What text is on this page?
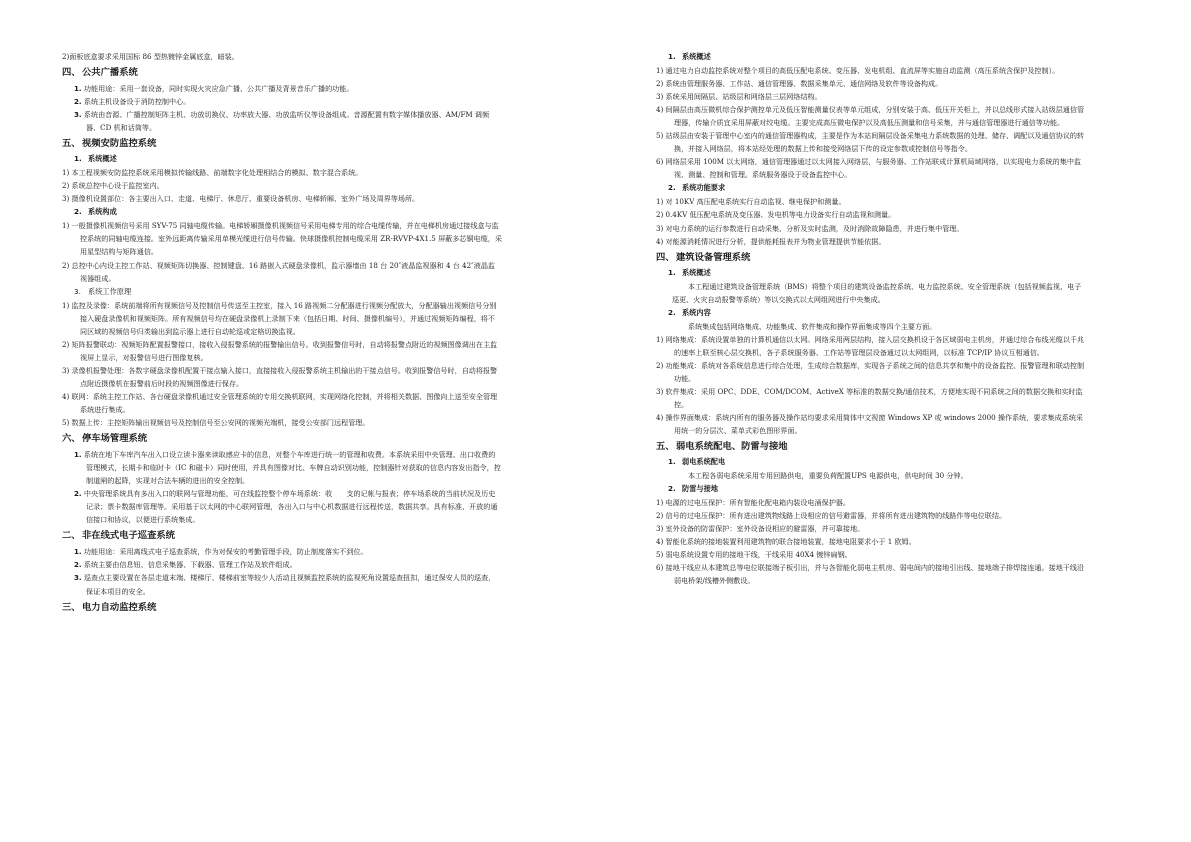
2)面板底盒要求采用国标 86 型热镀锌金属底盒，暗装。

四、公共广播系统

1. 功能用途：采用一套设备，同时实现火灾应急广播、公共广播及背景音乐广播的功能。

2. 系统主机设备设于消防控制中心。

3. 系统由音源、广播控制矩阵主机、功放切换仪、功率放大器、功放监听仪等设备组成。音源配置有数字媒体播放器、AM/FM 调频器、CD 机和话筒等。

五、视频安防监控系统
1. 系统概述

1) 本工程视频安防监控系统采用模拟传输线路、前端数字化处理相结合的模拟、数字混合系统。

2) 系统总控中心设于监控室内。

3) 摄像机设置部位：各主要出入口、走道、电梯厅、休息厅、重要设备机房、电梯轿厢、室外广场及周界等场所。

2. 系统构成

1) 一般摄像机视频信号采用 SYV-75 同轴电缆传输。电梯轿厢摄像机视频信号采用电梯专用的综合电缆传输，并在电梯机房通过接线盒与监控系统的同轴电缆连接。室外远距离传输采用单模光缆进行信号传输。快球摄像机控制电缆采用 ZR-RVVP-4X1.5 屏蔽多芯铜电缆，采用星型结构与矩阵通信。

2) 总控中心内设主控工作站、视频矩阵切换器、控制键盘、16 路嵌入式硬盘录像机，监示器墙由 18 台 20″液晶监视器和 4 台 42″液晶监视器组成。

3. 系统工作原理

1) 监控及录像：系统前端将所有视频信号及控制信号传送至主控室，接入 16 路视频二分配器进行视频分配放大，分配器输出视频信号分别接入硬盘录像机和视频矩阵。所有视频信号均在硬盘录像机上录制下来（包括日期、时间、摄像机编号），并通过视频矩阵编程，将不同区域的视频信号归类输出到监示器上进行自动轮巡或定格切换监视。

2) 矩阵报警联动：视频矩阵配置报警接口，接收入侵报警系统的报警输出信号。收到报警信号时，自动将报警点附近的视频图像调出在主监视屏上显示，对报警信号进行图像复核。

3) 录像机报警处理：各数字硬盘录像机配置干接点输入接口，直接接收入侵报警系统主机输出的干接点信号。收到报警信号时，自动将报警点附近摄像机在报警前后时段的视频图像进行保存。

4) 联网：系统主控工作站、各台硬盘录像机通过安全管理系统的专用交换机联网，实现网络化控制，并将相关数据、图像向上送至安全管理系统进行集成。

5) 数据上传：主控矩阵输出视频信号及控制信号至公安网的视频光端机，接受公安部门远程管理。

六、停车场管理系统

1. 系统在地下车库汽车出入口设立读卡器来读取感应卡的信息，对整个车库进行统一的管理和收费。本系统采用中央管理、出口收费的管理模式，长期卡和临时卡（IC 和磁卡）同时使用，并具有图像对比、车牌自动识别功能，控制器针对获取的信息内容发出指令，控制道闸的起降，实现对合法车辆的进出的安全控制。

2. 中央管理系统具有多出入口的联网与管理功能，可在线监控整个停车场系统：收　　支的记帐与报表；停车场系统的当前状况及历史记录；票卡数据库管理等。采用基于以太网的中心联网管理，各出入口与中心机数据进行远程传送，数据共享。具有标准、开放的通信接口和协议，以便进行系统集成。

二、非在线式电子巡查系统

1. 功能用途：采用离线式电子巡查系统，作为对保安的考勤管理手段，防止制度落实不到位。

2. 系统主要由信息钮、信息采集器、下载器、管理工作站及软件组成。

3. 巡查点主要设置在各层走道末端、楼梯厅、楼梯前室等较少人活动且视频监控系统的监视死角设置巡查扭扣，通过保安人员的巡查，保证本项目的安全。

三、电力自动监控系统
1. 系统概述

1) 通过电力自动监控系统对整个项目的高低压配电系统、变压器、发电机组、直流屏等实施自动监测（高压系统含保护及控制）。

2) 系统由管理服务器、工作站、通信管理器、数据采集单元、通信网络及软件等设备构成。

3) 系统采用间隔层、站级层和网络层三层网络结构。

4) 间隔层由高压微机综合保护测控单元及低压智能测量仪表等单元组成，分别安装于高、低压开关柜上，并以总线形式接入站级层通信管理器，传输介质宜采用屏蔽对绞电缆。主要完成高压微电保护以及高低压测量和信号采集，并与通信管理器进行通信等功能。

5) 站级层由安装于管理中心室内的通信管理器构成，主要是作为本站间隔层设备采集电力系统数据的处理、储存、调配以及通信协议的转换，并接入网络层，将本站经处理的数据上传和接受网络层下传的设定参数或控制信号等指令。

6) 网络层采用 100M 以太网络，通信管理器通过以太网接入网络层，与服务器、工作站联成计算机局域网络，以实现电力系统的集中监视、测量、控制和管理。系统服务器设于设备监控中心。

2. 系统功能要求

1) 对 10KV 高压配电系统实行自动监视、继电保护和测量。

2) 0.4KV 低压配电系统及变压器、发电机等电力设备实行自动监视和测量。

3) 对电力系统的运行参数进行自动采集、分析及实时监测，及时消除故障隐患，并进行集中管理。

4) 对能源消耗情况进行分析，提供能耗报表并为物业管理提供节能依据。

四、建筑设备管理系统
1. 系统概述

本工程通过建筑设备管理系统（BMS）将整个项目的建筑设备监控系统、电力监控系统、安全管理系统（包括视频监视、电子巡更、火灾自动报警等系统）等以交换式以太网组网进行中央集成。

2. 系统内容

系统集成包括网络集成、功能集成、软件集成和操作界面集成等四个主要方面。

1) 网络集成：系统设置单独的计算机通信以太网。网络采用两层结构，接入层交换机设于各区域弱电主机房，并通过综合布线光缆以千兆的速率上联至核心层交换机，各子系统服务器、工作站等管理层设备通过以太网组网，以标准 TCP/IP 协议互相通信。

2) 功能集成：系统对各系统信息进行综合处理，生成综合数据库，实现各子系统之间的信息共享和集中的设备监控、报警管理和联动控制功能。

3) 软件集成：采用 OPC、DDE、COM/DCOM、ActiveX 等标准的数据交换/通信技术，方便地实现不同系统之间的数据交换和实时监控。

4) 操作界面集成：系统内所有的服务器及操作站均要求采用简体中文视窗 Windows XP 或 windows 2000 操作系统，要求集成系统采用统一的分层次、菜单式彩色图形界面。

五、弱电系统配电、防雷与接地
1. 弱电系统配电

本工程各弱电系统采用专用回路供电，重要负荷配置UPS 电源供电，供电时间 30 分钟。

2. 防雷与接地

1) 电源的过电压保护：所有智能化配电箱内装设电涌保护器。

2) 信号的过电压保护：所有进出建筑物线路上设相应的信号避雷器，并将所有进出建筑物的线路作等电位联结。

3) 室外设备的防雷保护：室外设备设相应的避雷器，并可靠接地。

4) 智能化系统的接地装置利用建筑物的联合接地装置，接地电阻要求小于 1 欧姆。

5) 弱电系统设置专用的接地干线，干线采用 40X4 镀锌扁钢。

6) 接地干线应从本建筑总等电位联接端子板引出，并与各智能化弱电主机房、弱电间内的接地引出线、接地端子排焊接连通。接地干线沿弱电桥架/线槽外侧敷设。
